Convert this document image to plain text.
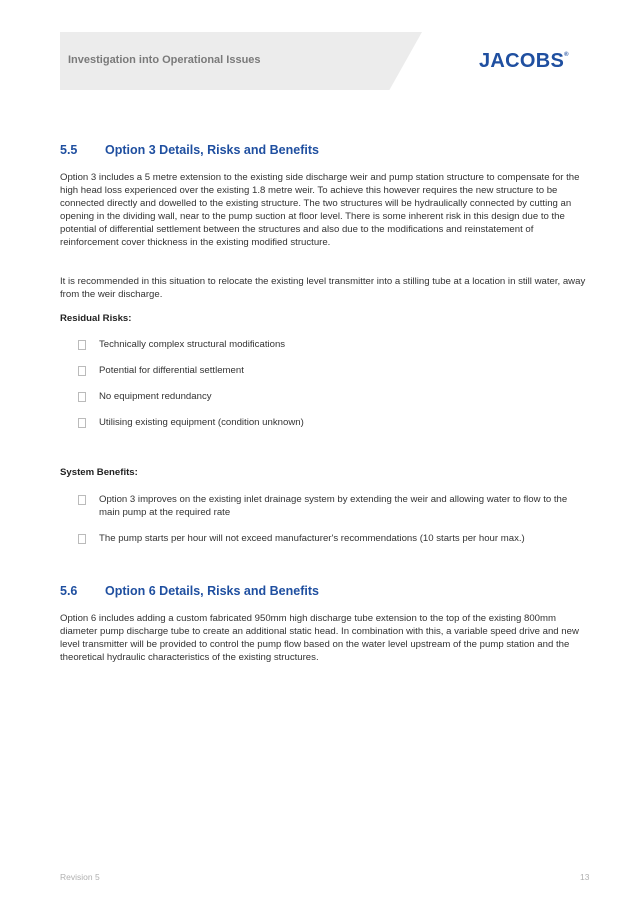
Investigation into Operational Issues	JACOBS®
5.5 Option 3 Details, Risks and Benefits

Option 3 includes a 5 metre extension to the existing side discharge weir and pump station structure to compensate for the high head loss experienced over the existing 1.8 metre weir. To achieve this however requires the new structure to be connected directly and dowelled to the existing structure. The two structures will be hydraulically connected by cutting an opening in the dividing wall, near to the pump suction at floor level. There is some inherent risk in this design due to the potential of differential settlement between the structures and also due to the modifications and reinstatement of reinforcement cover thickness in the existing modified structure.

It is recommended in this situation to relocate the existing level transmitter into a stilling tube at a location in still water, away from the weir discharge.

Residual Risks:
Technically complex structural modifications
Potential for differential settlement
No equipment redundancy
Utilising existing equipment (condition unknown)
System Benefits:
Option 3 improves on the existing inlet drainage system by extending the weir and allowing water to flow to the main pump at the required rate
The pump starts per hour will not exceed manufacturer's recommendations (10 starts per hour max.)
5.6 Option 6 Details, Risks and Benefits

Option 6 includes adding a custom fabricated 950mm high discharge tube extension to the top of the existing 800mm diameter pump discharge tube to create an additional static head. In combination with this, a variable speed drive and new level transmitter will be provided to control the pump flow based on the water level upstream of the pump station and the theoretical hydraulic characteristics of the existing structures.

Revision 5	13
